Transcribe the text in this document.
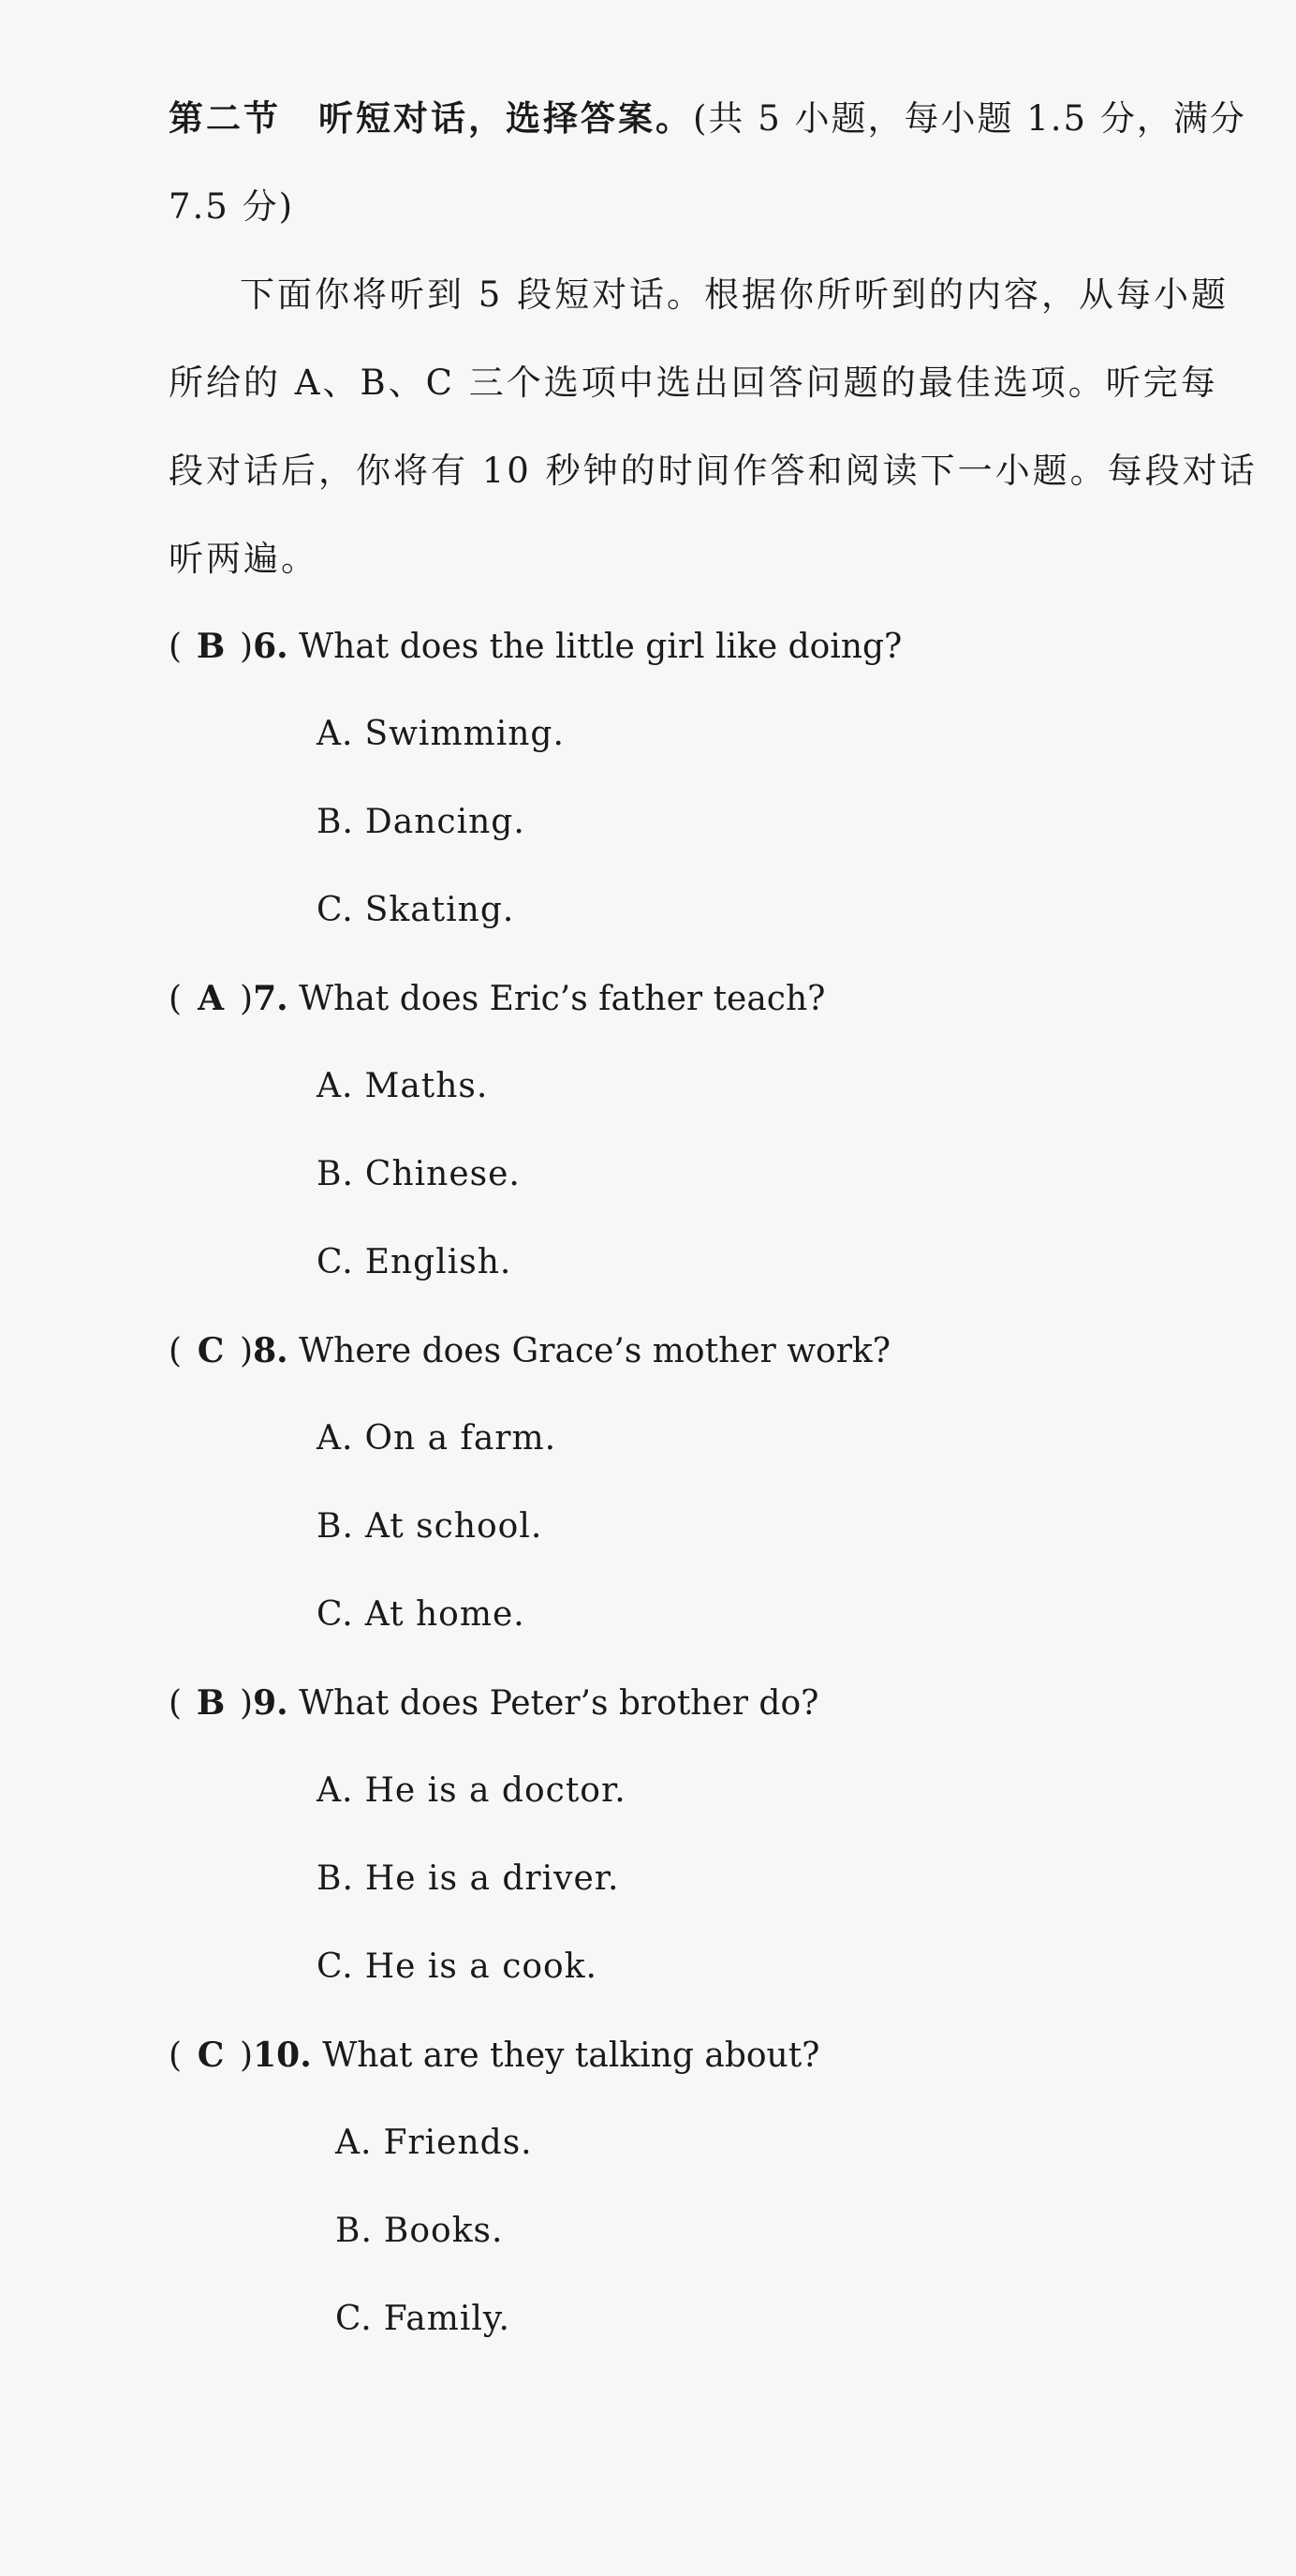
第二节　听短对话，选择答案。(共 5 小题，每小题 1.5 分，满分
7.5 分)
下面你将听到 5 段短对话。根据你所听到的内容，从每小题
所给的 A、B、C 三个选项中选出回答问题的最佳选项。听完每
段对话后，你将有 10 秒钟的时间作答和阅读下一小题。每段对话
听两遍。
( B )6. What does the little girl like doing?
A. Swimming.
B. Dancing.
C. Skating.
( A )7. What does Eric’s father teach?
A. Maths.
B. Chinese.
C. English.
( C )8. Where does Grace’s mother work?
A. On a farm.
B. At school.
C. At home.
( B )9. What does Peter’s brother do?
A. He is a doctor.
B. He is a driver.
C. He is a cook.
( C )10. What are they talking about?
A. Friends.
B. Books.
C. Family.
